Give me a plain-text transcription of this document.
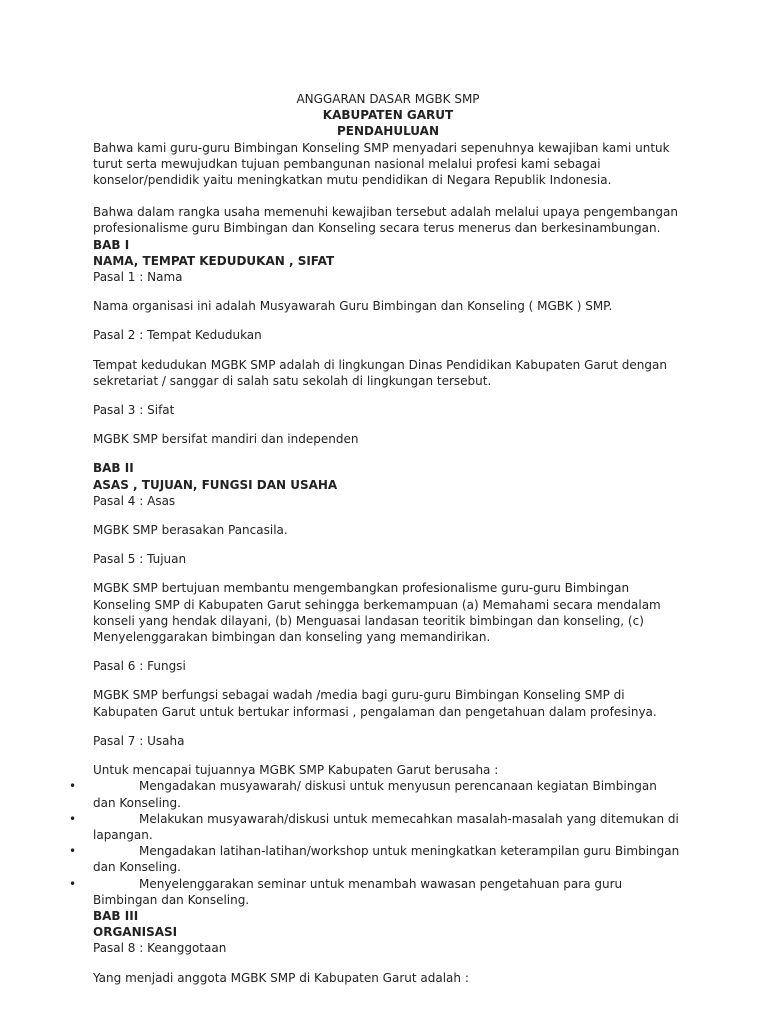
ANGGARAN DASAR MGBK SMP

KABUPATEN GARUT

PENDAHULUAN

Bahwa kami guru-guru Bimbingan Konseling SMP menyadari sepenuhnya kewajiban kami untuk turut serta mewujudkan tujuan pembangunan nasional melalui profesi kami sebagai konselor/pendidik yaitu meningkatkan mutu pendidikan di Negara Republik Indonesia.

Bahwa dalam rangka usaha memenuhi kewajiban tersebut adalah melalui upaya pengembangan profesionalisme guru Bimbingan dan Konseling secara terus menerus dan berkesinambungan.

BAB I

NAMA, TEMPAT KEDUDUKAN , SIFAT

Pasal 1 : Nama

Nama organisasi ini adalah Musyawarah Guru Bimbingan dan Konseling ( MGBK ) SMP.

Pasal 2 : Tempat Kedudukan

Tempat kedudukan MGBK SMP adalah di lingkungan Dinas Pendidikan Kabupaten Garut dengan sekretariat / sanggar di salah satu sekolah di lingkungan tersebut.

Pasal 3 : Sifat

MGBK SMP bersifat mandiri dan independen

BAB II

ASAS , TUJUAN, FUNGSI DAN USAHA

Pasal 4 : Asas

MGBK SMP berasakan Pancasila.

Pasal 5 : Tujuan

MGBK SMP bertujuan membantu mengembangkan profesionalisme guru-guru Bimbingan Konseling SMP di Kabupaten Garut sehingga berkemampuan (a) Memahami secara mendalam konseli yang hendak dilayani, (b) Menguasai landasan teoritik bimbingan dan konseling, (c) Menyelenggarakan bimbingan dan konseling yang memandirikan.

Pasal 6 : Fungsi

MGBK SMP berfungsi sebagai wadah /media bagi guru-guru Bimbingan Konseling SMP di Kabupaten Garut untuk bertukar informasi , pengalaman dan pengetahuan dalam profesinya.

Pasal 7 : Usaha

Untuk mencapai tujuannya MGBK SMP Kabupaten Garut berusaha :

•	Mengadakan musyawarah/ diskusi untuk menyusun perencanaan kegiatan Bimbingan dan Konseling.
•	Melakukan musyawarah/diskusi untuk memecahkan masalah-masalah yang ditemukan di lapangan.
•	Mengadakan latihan-latihan/workshop untuk meningkatkan keterampilan guru Bimbingan dan Konseling.
•	Menyelenggarakan seminar untuk menambah wawasan pengetahuan para guru Bimbingan dan Konseling.

BAB III

ORGANISASI

Pasal 8 : Keanggotaan

Yang menjadi anggota MGBK SMP di Kabupaten Garut adalah :
